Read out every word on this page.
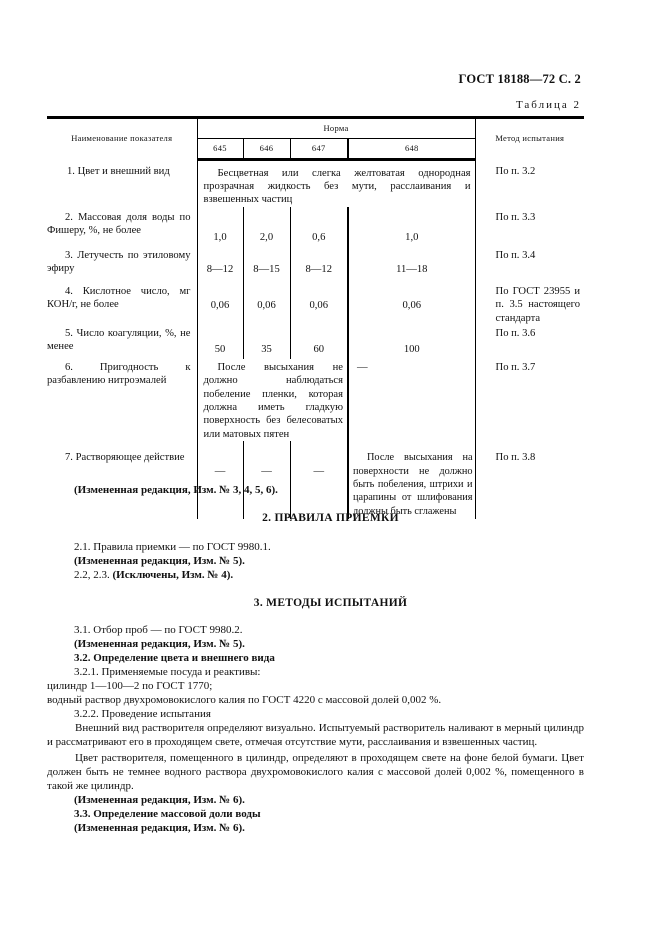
ГОСТ 18188—72 С. 2
Таблица 2
Наименование показателя	Норма				Метод испытания
	645	646	647	648	
1. Цвет и внешний вид	Бесцветная или слегка желтоватая однородная прозрачная жидкость без мути, расслаивания и взвешенных частиц				По п. 3.2
2. Массовая доля воды по Фишеру, %, не более	1,0	2,0	0,6	1,0	По п. 3.3
3. Летучесть по этиловому эфиру	8—12	8—15	8—12	11—18	По п. 3.4
4. Кислотное число, мг КОН/г, не более	0,06	0,06	0,06	0,06	По ГОСТ 23955 и п. 3.5 настоящего стандарта
5. Число коагуляции, %, не менее	50	35	60	100	По п. 3.6
6. Пригодность к разбавлению нитроэмалей	После высыхания не должно наблюдаться побеление пленки, которая должна иметь гладкую поверхность без белесоватых или матовых пятен			—	По п. 3.7
7. Растворяющее действие	—	—	—	После высыхания на поверхности не должно быть побеления, штрихи и царапины от шлифования должны быть сглажены	По п. 3.8
(Измененная редакция, Изм. № 3, 4, 5, 6).
2. ПРАВИЛА ПРИЕМКИ
2.1. Правила приемки — по ГОСТ 9980.1.
(Измененная редакция, Изм. № 5).
2.2, 2.3. (Исключены, Изм. № 4).
3. МЕТОДЫ ИСПЫТАНИЙ
3.1. Отбор проб — по ГОСТ 9980.2.
(Измененная редакция, Изм. № 5).
3.2. Определение цвета и внешнего вида
3.2.1. Применяемые посуда и реактивы:
цилиндр 1—100—2 по ГОСТ 1770;
водный раствор двухромовокислого калия по ГОСТ 4220 с массовой долей 0,002 %.
3.2.2. Проведение испытания
Внешний вид растворителя определяют визуально. Испытуемый растворитель наливают в мерный цилиндр и рассматривают его в проходящем свете, отмечая отсутствие мути, расслаивания и взвешенных частиц.
Цвет растворителя, помещенного в цилиндр, определяют в проходящем свете на фоне белой бумаги. Цвет должен быть не темнее водного раствора двухромовокислого калия с массовой долей 0,002 %, помещенного в такой же цилиндр.
(Измененная редакция, Изм. № 6).
3.3. Определение массовой доли воды
(Измененная редакция, Изм. № 6).
